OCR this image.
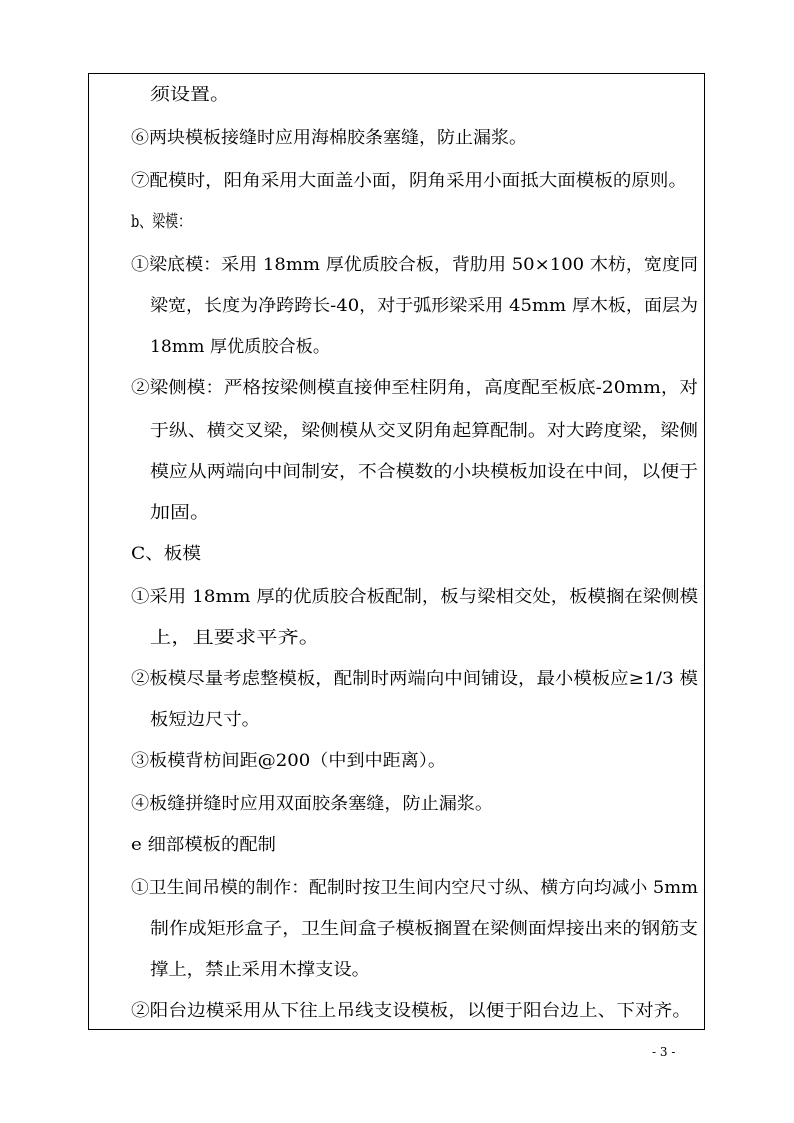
须设置。
⑥两块模板接缝时应用海棉胶条塞缝，防止漏浆。
⑦配模时，阳角采用大面盖小面，阴角采用小面抵大面模板的原则。
b、梁模：
①梁底模：采用 18mm 厚优质胶合板，背肋用 50×100 木枋，宽度同
梁宽，长度为净跨跨长-40，对于弧形梁采用 45mm 厚木板，面层为
18mm 厚优质胶合板。
②梁侧模：严格按梁侧模直接伸至柱阴角，高度配至板底-20mm，对
于纵、横交叉梁，梁侧模从交叉阴角起算配制。对大跨度梁，梁侧
模应从两端向中间制安，不合模数的小块模板加设在中间，以便于
加固。
C、板模
①采用 18mm 厚的优质胶合板配制，板与梁相交处，板模搁在梁侧模
上，且要求平齐。
②板模尽量考虑整模板，配制时两端向中间铺设，最小模板应≥1/3 模
板短边尺寸。
③板模背枋间距@200（中到中距离）。
④板缝拼缝时应用双面胶条塞缝，防止漏浆。
e 细部模板的配制
①卫生间吊模的制作：配制时按卫生间内空尺寸纵、横方向均减小 5mm
制作成矩形盒子，卫生间盒子模板搁置在梁侧面焊接出来的钢筋支
撑上，禁止采用木撑支设。
②阳台边模采用从下往上吊线支设模板，以便于阳台边上、下对齐。
- 3 -
